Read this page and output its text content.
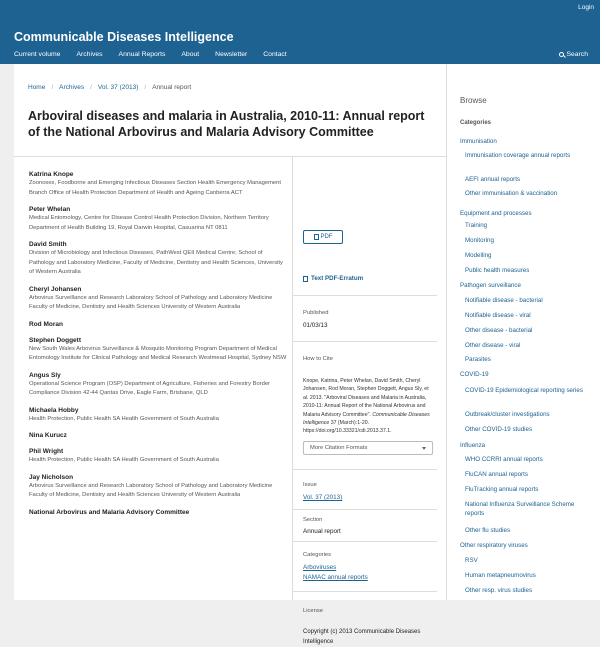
Login
Communicable Diseases Intelligence
Current volume Archives Annual Reports About Newsletter Contact	Search
Home / Archives / Vol. 37 (2013) / Annual report
Arboviral diseases and malaria in Australia, 2010-11: Annual report of the National Arbovirus and Malaria Advisory Committee
Katrina Knope
Zoonoses, Foodborne and Emerging Infectious Diseases Section Health Emergency Management Branch Office of Health Protection Department of Health and Ageing Canberra ACT
Peter Whelan
Medical Entomology, Centre for Disease Control Health Protection Division, Northern Territory Department of Health Building 19, Royal Darwin Hospital, Casuarina NT 0811
David Smith
Division of Microbiology and Infectious Diseases, PathWest QEII Medical Centre; School of Pathology and Laboratory Medicine, Faculty of Medicine, Dentistry and Health Sciences, University of Western Australia
Cheryl Johansen
Arbovirus Surveillance and Research Laboratory School of Pathology and Laboratory Medicine Faculty of Medicine, Dentistry and Health Sciences University of Western Australia
Rod Moran
Stephen Doggett
New South Wales Arbovirus Surveillance & Mosquito Monitoring Program Department of Medical Entomology Institute for Clinical Pathology and Medical Research Westmead Hospital, Sydney NSW
Angus Sly
Operational Science Program (OSP) Department of Agriculture, Fisheries and Forestry Border Compliance Division 42-44 Qantas Drive, Eagle Farm, Brisbane, QLD
Michaela Hobby
Health Protection, Public Health SA Health Government of South Australia
Nina Kurucz
Phil Wright
Health Protection, Public Health SA Health Government of South Australia
Jay Nicholson
Arbovirus Surveillance and Research Laboratory School of Pathology and Laboratory Medicine Faculty of Medicine, Dentistry and Health Sciences University of Western Australia
National Arbovirus and Malaria Advisory Committee
PDF
Text PDF-Erratum
Published
01/03/13
How to Cite
Knope, Katrina, Peter Whelan, David Smith, Cheryl Johansen, Rod Moran, Stephen Doggett, Angus Sly, et al. 2013. "Arboviral Diseases and Malaria in Australia, 2010-11: Annual Report of the National Arbovirus and Malaria Advisory Committee". Communicable Diseases Intelligence 37 (March):1-20. https://doi.org/10.33321/cdi.2013.37.1.
More Citation Formats
Issue
Vol. 37 (2013)
Section
Annual report
Categories
Arboviruses
NAMAC annual reports
License
Copyright (c) 2013 Communicable Diseases Intelligence
Browse
Categories
Immunisation
Immunisation coverage annual reports
AEFI annual reports
Other immunisation & vaccination
Equipment and processes
Training
Monitoring
Modelling
Public health measures
Pathogen surveillance
Notifiable disease - bacterial
Notifiable disease - viral
Other disease - bacterial
Other disease - viral
Parasites
COVID-19
COVID-19 Epidemiological reporting series
Outbreak/cluster investigations
Other COVID-19 studies
Influenza
WHO CCRRI annual reports
FluCAN annual reports
FluTracking annual reports
National Influenza Surveillance Scheme reports
Other flu studies
Other respiratory viruses
RSV
Human metapneumovirus
Other resp. virus studies
